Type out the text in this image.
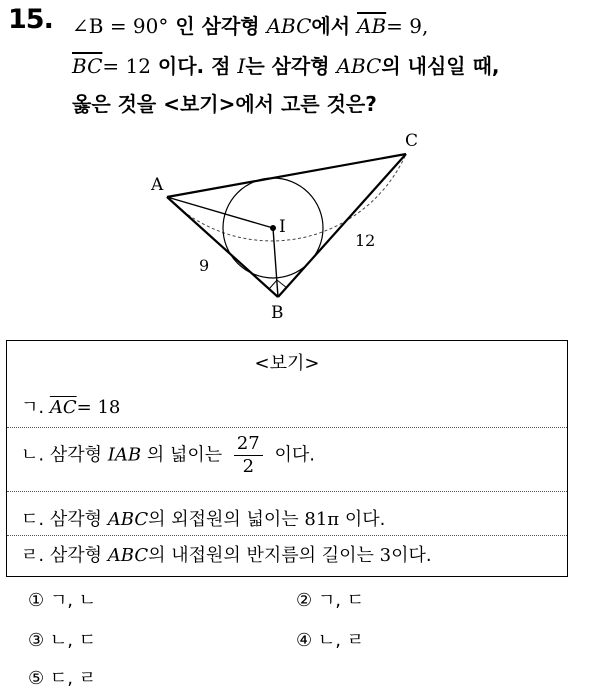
15. ∠B = 90° 인 삼각형 ABC에서 $\overline{AB}= 9$,
$\overline{BC}= 12$ 이다. 점 I는 삼각형 ABC의 내심일 때,
옳은 것을 <보기>에서 고른 것은?
A
B
C
I
9
12
<보기>
ㄱ. $\overline{AC}= 18$
ㄴ. 삼각형 IAB 의 넓이는 $\frac{27}{2}$ 이다.
ㄷ. 삼각형 ABC의 외접원의 넓이는 81π 이다.
ㄹ. 삼각형 ABC의 내접원의 반지름의 길이는 3이다.
① ㄱ, ㄴ	② ㄱ, ㄷ
③ ㄴ, ㄷ	④ ㄴ, ㄹ
⑤ ㄷ, ㄹ
